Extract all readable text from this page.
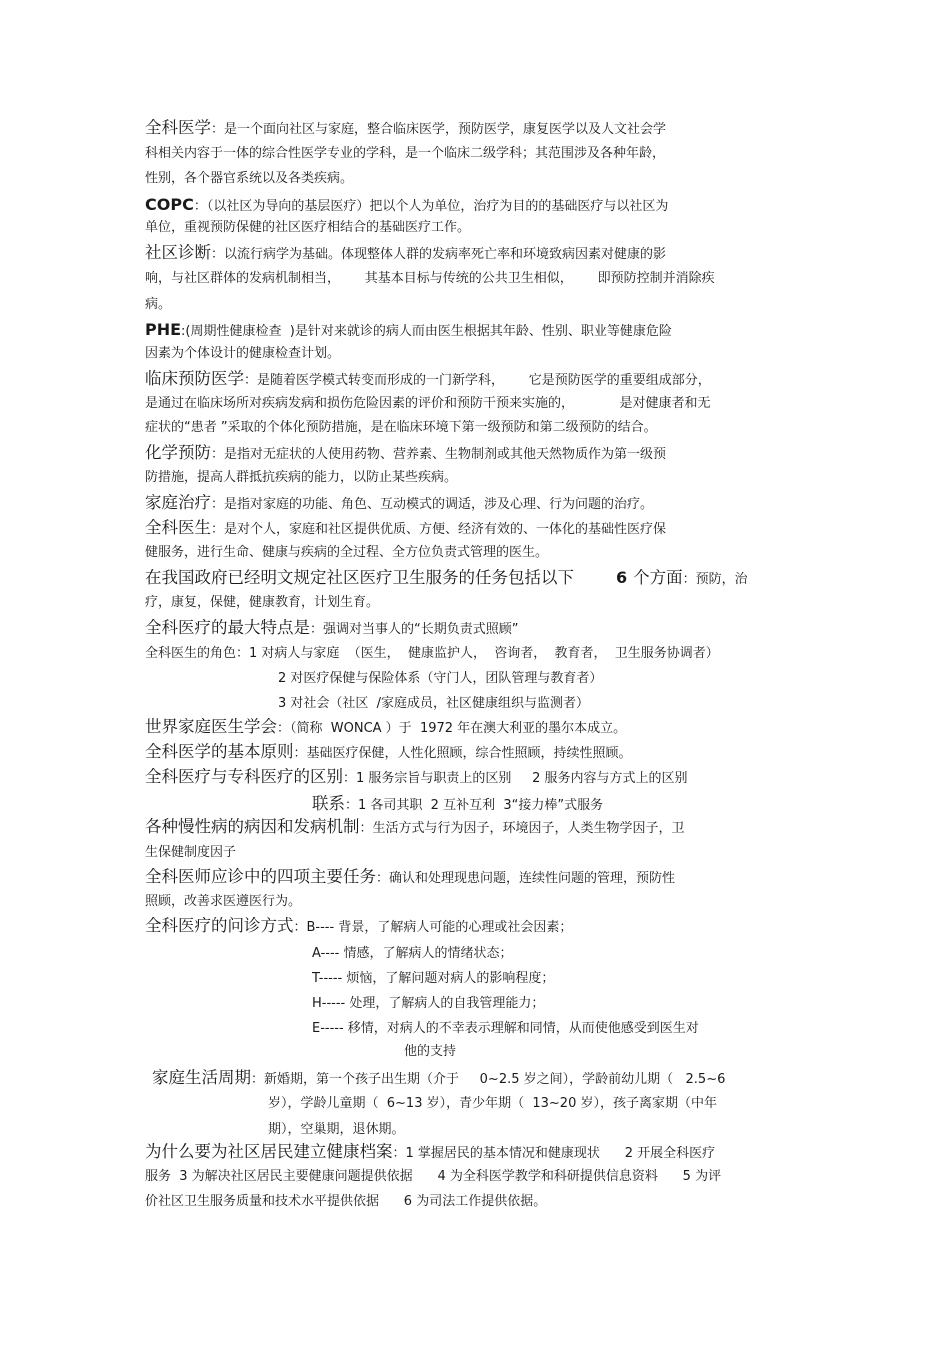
全科医学：是一个面向社区与家庭，整合临床医学，预防医学，康复医学以及人文社会学
科相关内容于一体的综合性医学专业的学科，是一个临床二级学科；其范围涉及各种年龄，
性别，各个器官系统以及各类疾病。
COPC：（以社区为导向的基层医疗）把以个人为单位，治疗为目的的基础医疗与以社区为
单位，重视预防保健的社区医疗相结合的基础医疗工作。
社区诊断：以流行病学为基础。体现整体人群的发病率死亡率和环境致病因素对健康的影
响，与社区群体的发病机制相当，      其基本目标与传统的公共卫生相似，      即预防控制并消除疾
病。
PHE:(周期性健康检查  )是针对来就诊的病人而由医生根据其年龄、性别、职业等健康危险
因素为个体设计的健康检查计划。
临床预防医学：是随着医学模式转变而形成的一门新学科，      它是预防医学的重要组成部分，
是通过在临床场所对疾病发病和损伤危险因素的评价和预防干预来实施的，           是对健康者和无
症状的“患者 ”采取的个体化预防措施，是在临床环境下第一级预防和第二级预防的结合。
化学预防：是指对无症状的人使用药物、营养素、生物制剂或其他天然物质作为第一级预
防措施，提高人群抵抗疾病的能力，以防止某些疾病。
家庭治疗：是指对家庭的功能、角色、互动模式的调适，涉及心理、行为问题的治疗。
全科医生：是对个人，家庭和社区提供优质、方便、经济有效的、一体化的基础性医疗保
健服务，进行生命、健康与疾病的全过程、全方位负责式管理的医生。
在我国政府已经明文规定社区医疗卫生服务的任务包括以下	6 个方面：预防，治
疗，康复，保健，健康教育，计划生育。
全科医疗的最大特点是：强调对当事人的“长期负责式照顾”
全科医生的角色：1 对病人与家庭  （医生，  健康监护人，  咨询者，  教育者，  卫生服务协调者）
2 对医疗保健与保险体系（守门人，团队管理与教育者）
3 对社会（社区  /家庭成员，社区健康组织与监测者）
世界家庭医生学会：（简称  WONCA ）于  1972 年在澳大利亚的墨尔本成立。
全科医学的基本原则：基础医疗保健，人性化照顾，综合性照顾，持续性照顾。
全科医疗与专科医疗的区别：1 服务宗旨与职责上的区别     2 服务内容与方式上的区别
联系：1 各司其职  2 互补互利  3“接力棒”式服务
各种慢性病的病因和发病机制：生活方式与行为因子，环境因子，人类生物学因子，卫
生保健制度因子
全科医师应诊中的四项主要任务：确认和处理现患问题，连续性问题的管理，预防性
照顾，改善求医遵医行为。
全科医疗的问诊方式：B---- 背景，了解病人可能的心理或社会因素；
A---- 情感，了解病人的情绪状态；
T----- 烦恼，了解问题对病人的影响程度；
H----- 处理，了解病人的自我管理能力；
E----- 移情，对病人的不幸表示理解和同情，从而使他感受到医生对
他的支持
家庭生活周期：新婚期，第一个孩子出生期（介于     0~2.5 岁之间），学龄前幼儿期（   2.5~6
岁），学龄儿童期（  6~13 岁），青少年期（  13~20 岁），孩子离家期（中年
期），空巢期，退休期。
为什么要为社区居民建立健康档案：1 掌握居民的基本情况和健康现状      2 开展全科医疗
服务  3 为解决社区居民主要健康问题提供依据      4 为全科医学教学和科研提供信息资料      5 为评
价社区卫生服务质量和技术水平提供依据      6 为司法工作提供依据。
